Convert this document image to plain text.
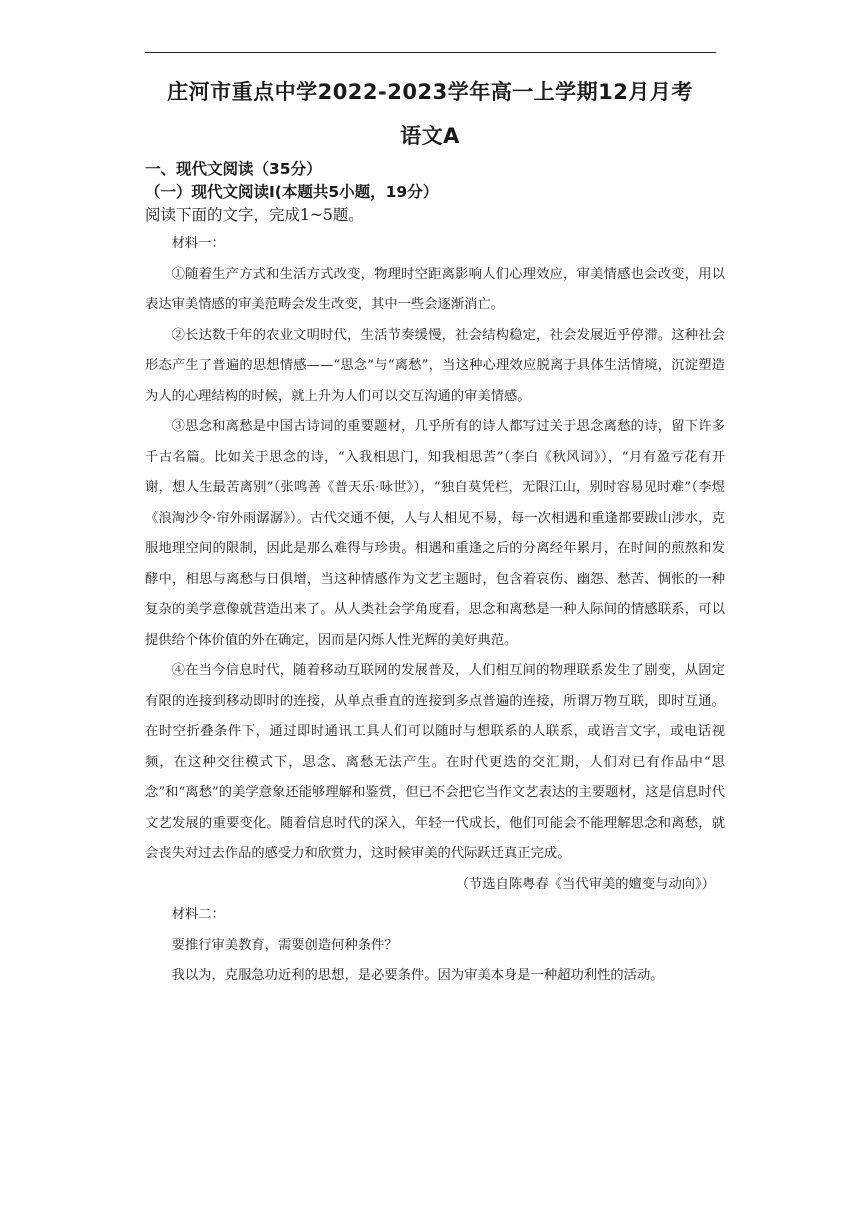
庄河市重点中学2022-2023学年高一上学期12月月考
语文A
一、现代文阅读（35分）
（一）现代文阅读Ⅰ(本题共5小题，19分）
阅读下面的文字，完成1~5题。

材料一：

①随着生产方式和生活方式改变，物理时空距离影响人们心理效应，审美情感也会改变，用以表达审美情感的审美范畴会发生改变，其中一些会逐渐消亡。

②长达数千年的农业文明时代，生活节奏缓慢，社会结构稳定，社会发展近乎停滞。这种社会形态产生了普遍的思想情感——“思念”与“离愁”，当这种心理效应脱离于具体生活情境，沉淀塑造为人的心理结构的时候，就上升为人们可以交互沟通的审美情感。

③思念和离愁是中国古诗词的重要题材，几乎所有的诗人都写过关于思念离愁的诗，留下许多千古名篇。比如关于思念的诗，“入我相思门，知我相思苦”（李白《秋风词》），“月有盈亏花有开谢，想人生最苦离别”（张鸣善《普天乐·咏世》），“独自莫凭栏，无限江山，别时容易见时难”（李煜《浪淘沙令·帘外雨潺潺》）。古代交通不便，人与人相见不易，每一次相遇和重逢都要跋山涉水，克服地理空间的限制，因此是那么难得与珍贵。相遇和重逢之后的分离经年累月，在时间的煎熬和发酵中，相思与离愁与日俱增，当这种情感作为文艺主题时，包含着哀伤、幽怨、愁苦、惆怅的一种复杂的美学意像就营造出来了。从人类社会学角度看，思念和离愁是一种人际间的情感联系，可以提供给个体价值的外在确定，因而是闪烁人性光辉的美好典范。

④在当今信息时代，随着移动互联网的发展普及，人们相互间的物理联系发生了剧变，从固定有限的连接到移动即时的连接，从单点垂直的连接到多点普遍的连接，所谓万物互联，即时互通。在时空折叠条件下，通过即时通讯工具人们可以随时与想联系的人联系，或语言文字，或电话视频，在这种交往模式下，思念、离愁无法产生。在时代更迭的交汇期，人们对已有作品中“思念”和“离愁”的美学意象还能够理解和鉴赏，但已不会把它当作文艺表达的主要题材，这是信息时代文艺发展的重要变化。随着信息时代的深入，年轻一代成长，他们可能会不能理解思念和离愁，就会丧失对过去作品的感受力和欣赏力，这时候审美的代际跃迁真正完成。

（节选自陈粤春《当代审美的嬗变与动向》）

材料二：

要推行审美教育，需要创造何种条件？

我以为，克服急功近利的思想，是必要条件。因为审美本身是一种超功利性的活动。
